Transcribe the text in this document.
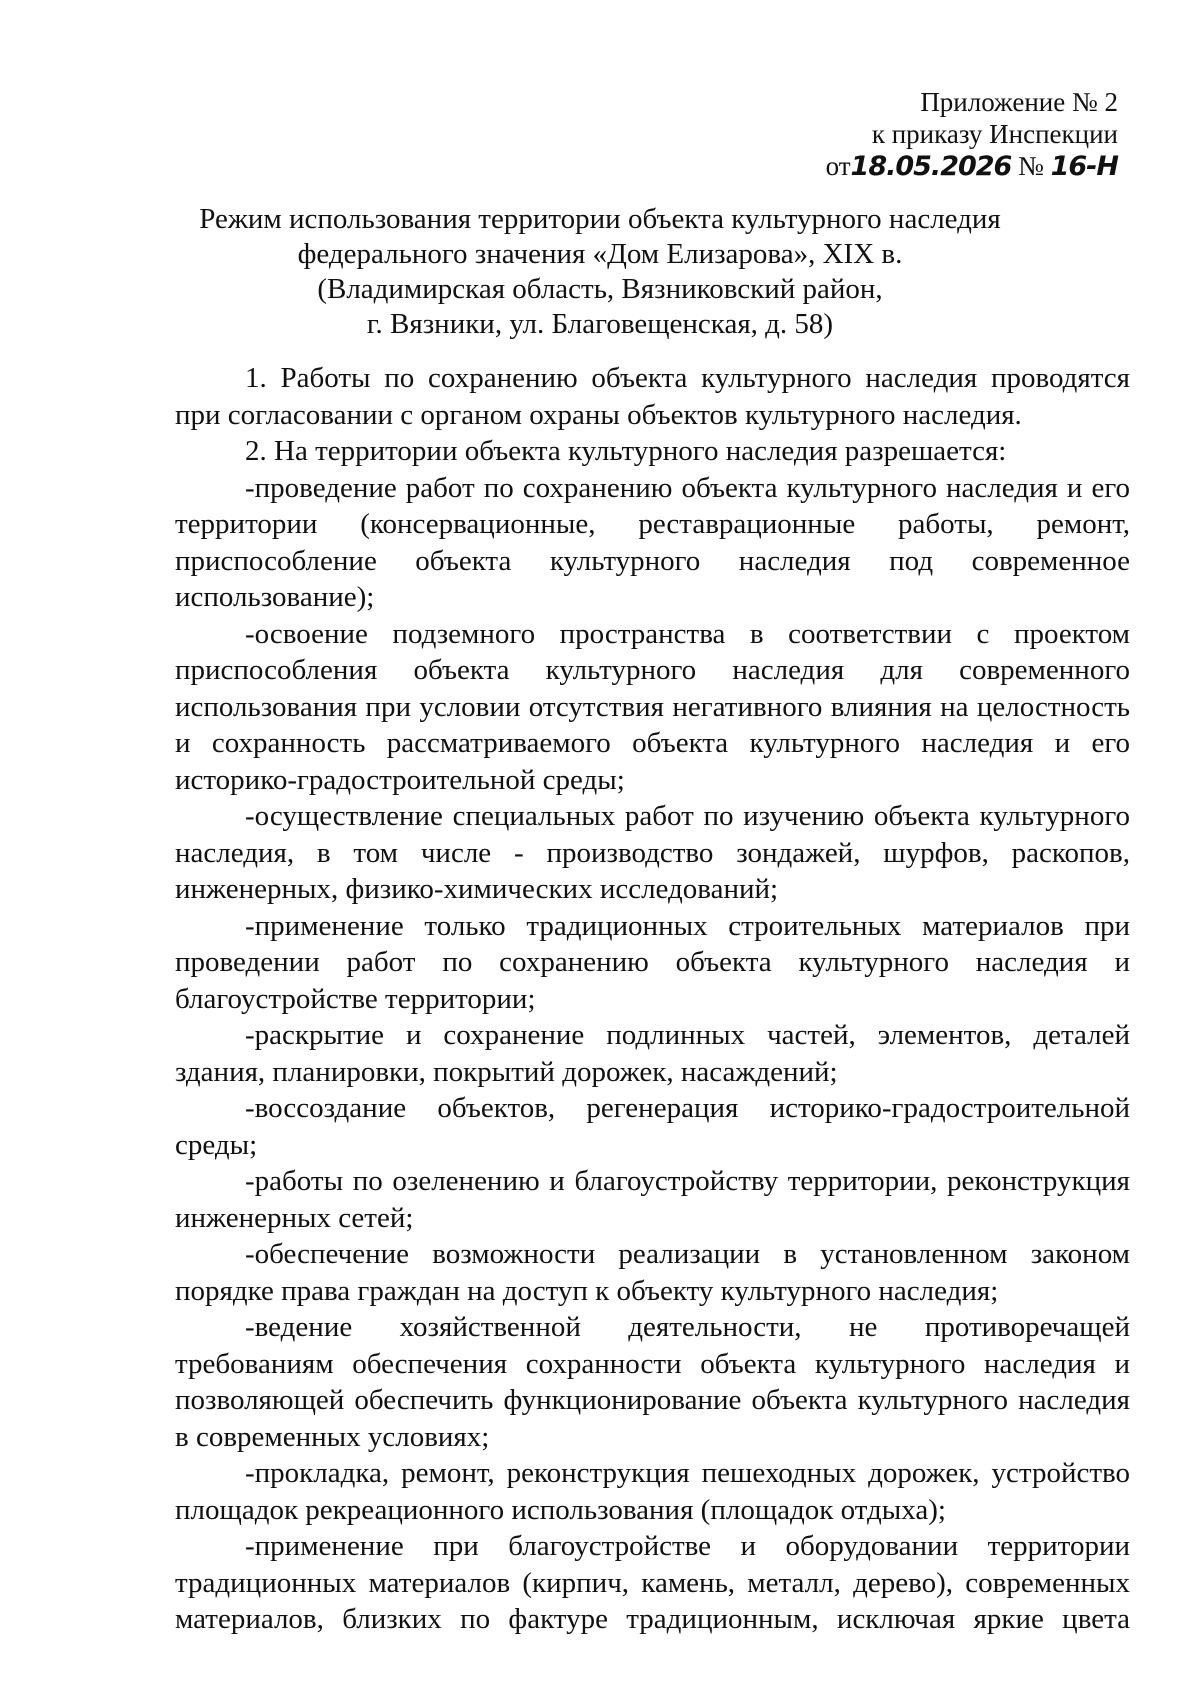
Приложение № 2
к приказу Инспекции
от18.05.2026 № 16-Н
Режим использования территории объекта культурного наследия
федерального значения «Дом Елизарова», XIX в.
(Владимирская область, Вязниковский район,
г. Вязники, ул. Благовещенская, д. 58)

1. Работы по сохранению объекта культурного наследия проводятся при согласовании с органом охраны объектов культурного наследия.

2. На территории объекта культурного наследия разрешается:

-проведение работ по сохранению объекта культурного наследия и его территории (консервационные, реставрационные работы, ремонт, приспособление объекта культурного наследия под современное использование);

-освоение подземного пространства в соответствии с проектом приспособления объекта культурного наследия для современного использования при условии отсутствия негативного влияния на целостность и сохранность рассматриваемого объекта культурного наследия и его историко-градостроительной среды;

-осуществление специальных работ по изучению объекта культурного наследия, в том числе - производство зондажей, шурфов, раскопов, инженерных, физико-химических исследований;

-применение только традиционных строительных материалов при проведении работ по сохранению объекта культурного наследия и благоустройстве территории;

-раскрытие и сохранение подлинных частей, элементов, деталей здания, планировки, покрытий дорожек, насаждений;

-воссоздание объектов, регенерация историко-градостроительной среды;

-работы по озеленению и благоустройству территории, реконструкция инженерных сетей;

-обеспечение возможности реализации в установленном законом порядке права граждан на доступ к объекту культурного наследия;

-ведение хозяйственной деятельности, не противоречащей требованиям обеспечения сохранности объекта культурного наследия и позволяющей обеспечить функционирование объекта культурного наследия в современных условиях;

-прокладка, ремонт, реконструкция пешеходных дорожек, устройство площадок рекреационного использования (площадок отдыха);

-применение при благоустройстве и оборудовании территории традиционных материалов (кирпич, камень, металл, дерево), современных материалов, близких по фактуре традиционным, исключая яркие цвета
